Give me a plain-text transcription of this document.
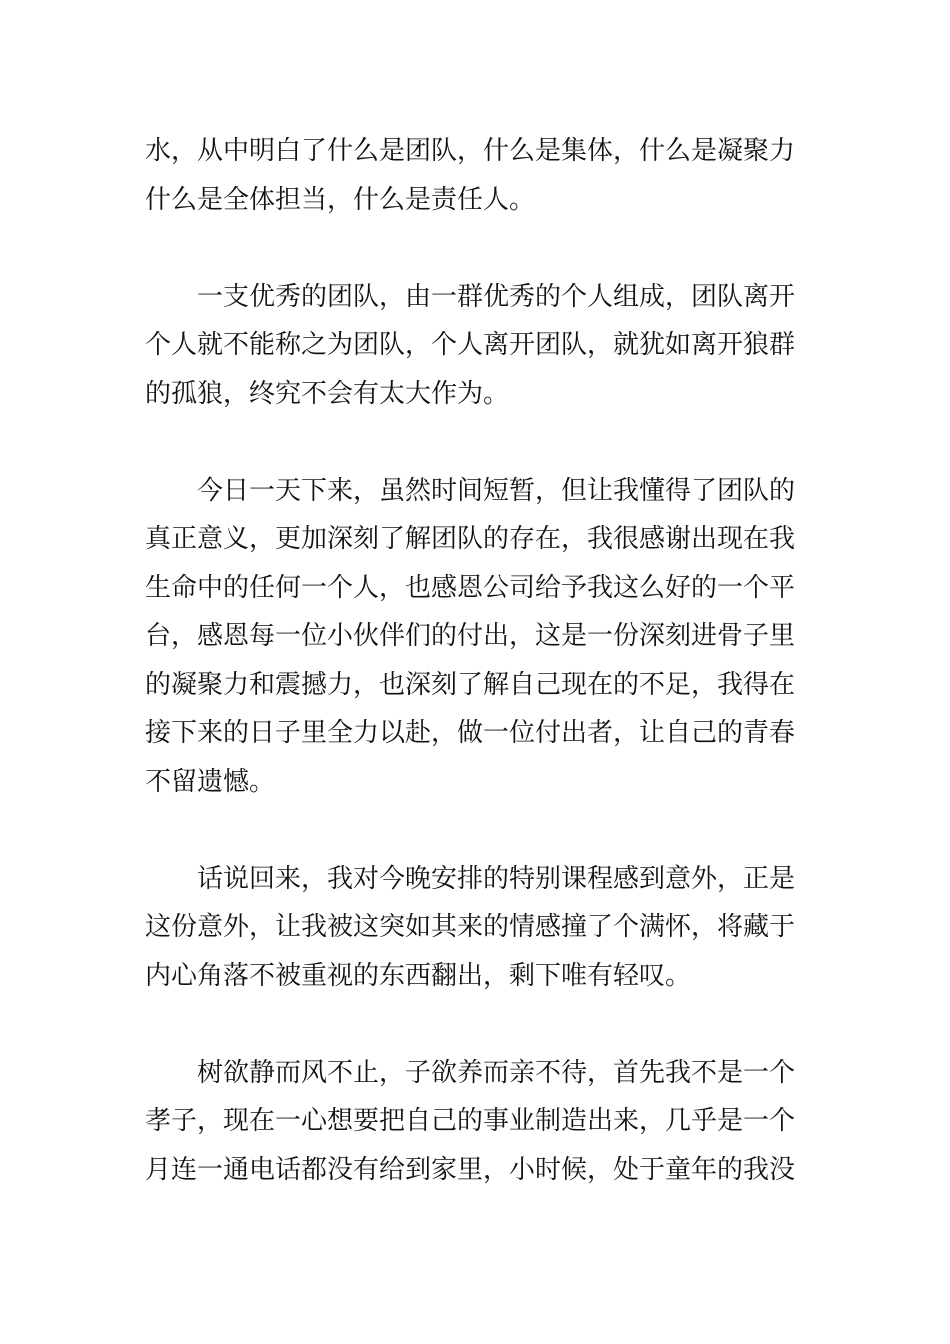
水，从中明白了什么是团队，什么是集体，什么是凝聚力
什么是全体担当，什么是责任人。

一支优秀的团队，由一群优秀的个人组成，团队离开
个人就不能称之为团队，个人离开团队，就犹如离开狼群
的孤狼，终究不会有太大作为。

今日一天下来，虽然时间短暂，但让我懂得了团队的
真正意义，更加深刻了解团队的存在，我很感谢出现在我
生命中的任何一个人，也感恩公司给予我这么好的一个平
台，感恩每一位小伙伴们的付出，这是一份深刻进骨子里
的凝聚力和震撼力，也深刻了解自己现在的不足，我得在
接下来的日子里全力以赴，做一位付出者，让自己的青春
不留遗憾。

话说回来，我对今晚安排的特别课程感到意外，正是
这份意外，让我被这突如其来的情感撞了个满怀，将藏于
内心角落不被重视的东西翻出，剩下唯有轻叹。

树欲静而风不止，子欲养而亲不待，首先我不是一个
孝子，现在一心想要把自己的事业制造出来，几乎是一个
月连一通电话都没有给到家里，小时候，处于童年的我没
